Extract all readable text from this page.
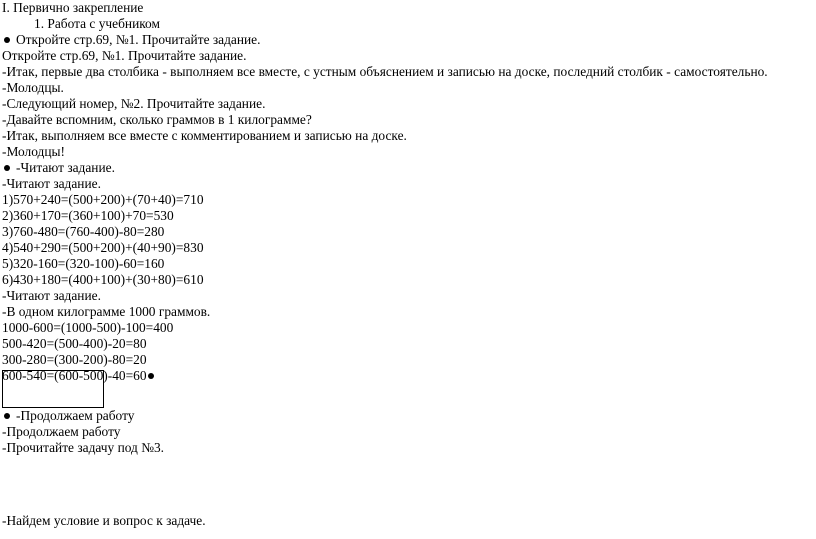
I. Первично закрепление
1. Работа с учебником
Откройте стр.69, №1. Прочитайте задание.
Откройте стр.69, №1. Прочитайте задание.
-Итак, первые два столбика - выполняем все вместе, с устным объяснением и записью на доске, последний столбик - самостоятельно.
-Молодцы.
-Следующий номер, №2. Прочитайте задание.
-Давайте вспомним, сколько граммов в 1 килограмме?
-Итак, выполняем все вместе с комментированием и записью на доске.
-Молодцы!
-Читают задание.
-Читают задание.
1)570+240=(500+200)+(70+40)=710
2)360+170=(360+100)+70=530
3)760-480=(760-400)-80=280
4)540+290=(500+200)+(40+90)=830
5)320-160=(320-100)-60=160
6)430+180=(400+100)+(30+80)=610
-Читают задание.
-В одном килограмме 1000 граммов.
1000-600=(1000-500)-100=400
500-420=(500-400)-20=80
300-280=(300-200)-80=20
600-540=(600-500)-40=60
-Продолжаем работу
-Продолжаем работу
-Прочитайте задачу под №3.
-Найдем условие и вопрос к задаче.
